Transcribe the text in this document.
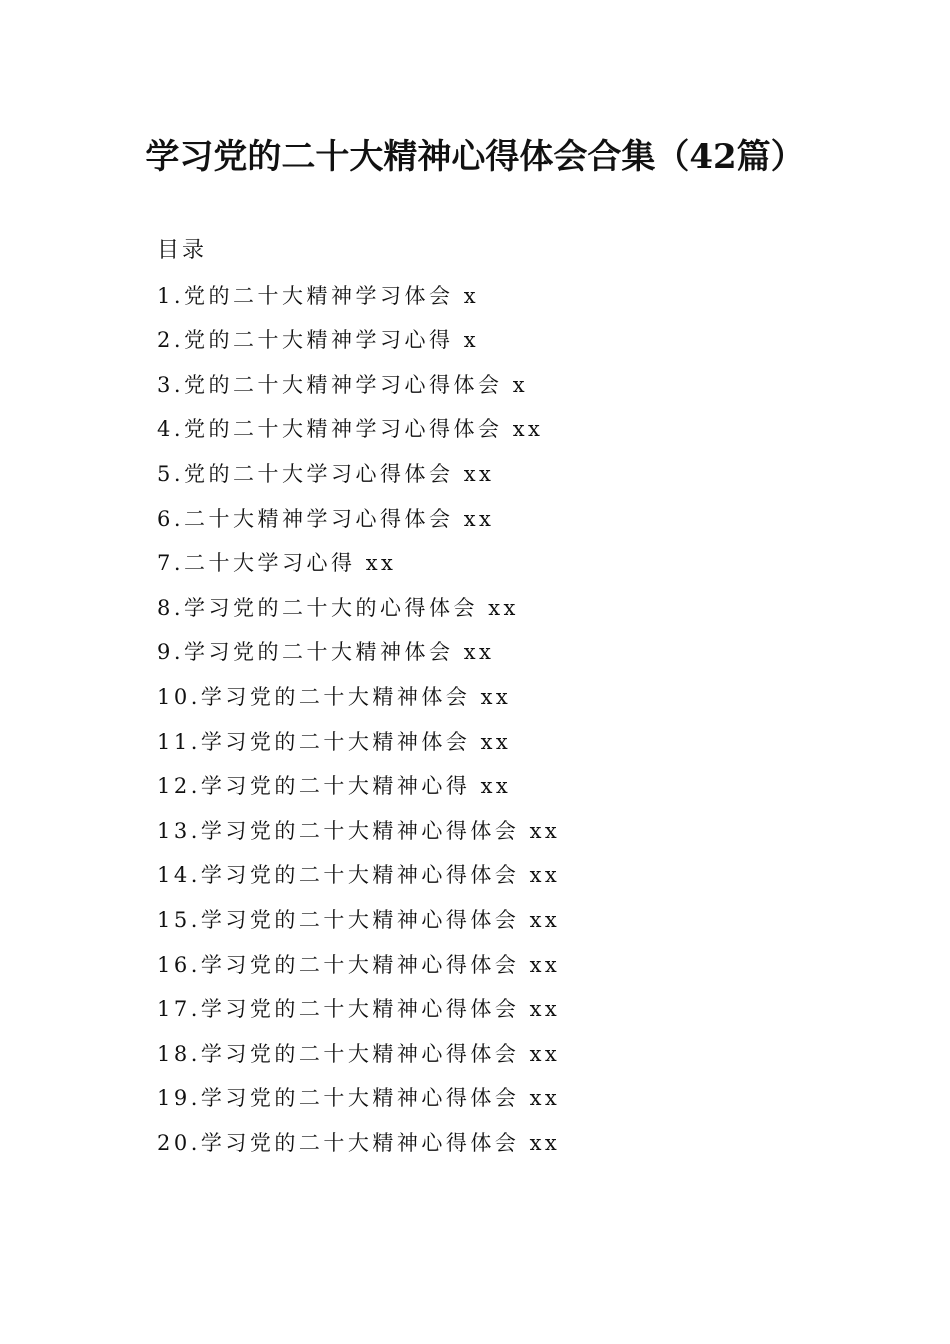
学习党的二十大精神心得体会合集（42篇）

目录

1.党的二十大精神学习体会 x
2.党的二十大精神学习心得 x
3.党的二十大精神学习心得体会 x
4.党的二十大精神学习心得体会 xx
5.党的二十大学习心得体会 xx
6.二十大精神学习心得体会 xx
7.二十大学习心得 xx
8.学习党的二十大的心得体会 xx
9.学习党的二十大精神体会 xx
10.学习党的二十大精神体会 xx
11.学习党的二十大精神体会 xx
12.学习党的二十大精神心得 xx
13.学习党的二十大精神心得体会 xx
14.学习党的二十大精神心得体会 xx
15.学习党的二十大精神心得体会 xx
16.学习党的二十大精神心得体会 xx
17.学习党的二十大精神心得体会 xx
18.学习党的二十大精神心得体会 xx
19.学习党的二十大精神心得体会 xx
20.学习党的二十大精神心得体会 xx
